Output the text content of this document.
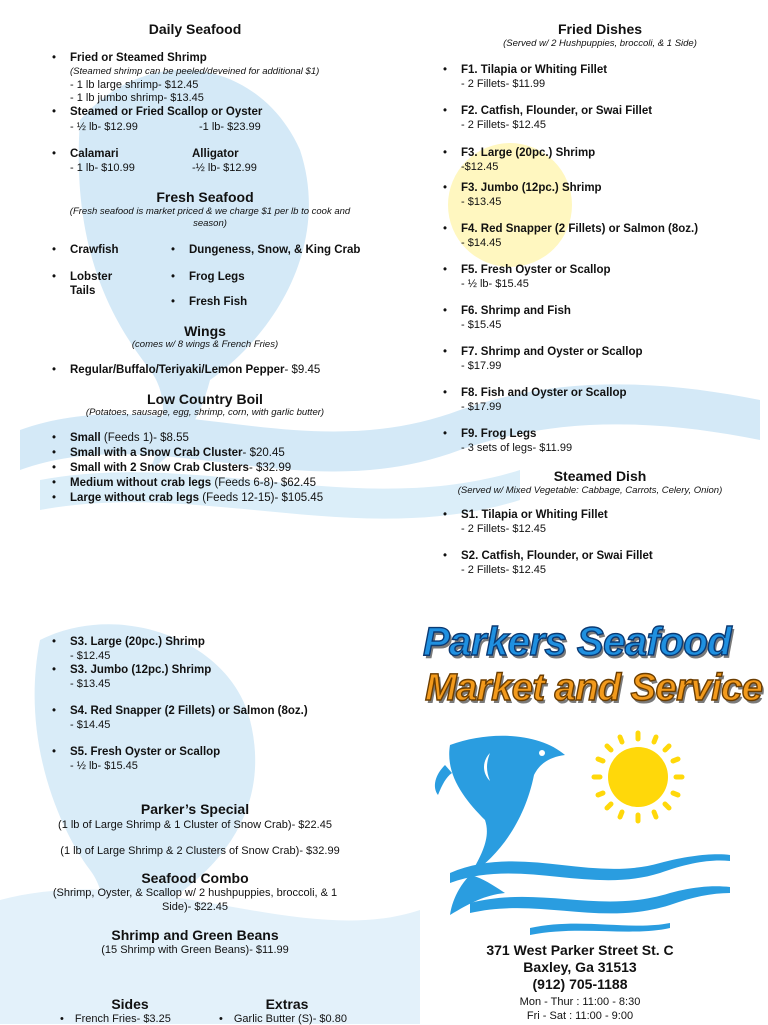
Daily Seafood
• Fried or Steamed Shrimp
(Steamed shrimp can be peeled/deveined for additional $1)
- 1 lb large shrimp- $12.45
- 1 lb jumbo shrimp- $13.45
• Steamed or Fried Scallop or Oyster
- ½ lb- $12.99	-1 lb- $23.99
• Calamari
- 1 lb- $10.99
Alligator
-½ lb- $12.99
Fresh Seafood
(Fresh seafood is market priced & we charge $1 per lb to cook and season)
• Crawfish
• Lobster Tails
• Dungeness, Snow, & King Crab
• Frog Legs
• Fresh Fish
Wings
(comes w/ 8 wings & French Fries)
• Regular/Buffalo/Teriyaki/Lemon Pepper- $9.45
Low Country Boil
(Potatoes, sausage, egg, shrimp, corn, with garlic butter)
• Small (Feeds 1)- $8.55
• Small with a Snow Crab Cluster- $20.45
• Small with 2 Snow Crab Clusters- $32.99
• Medium without crab legs (Feeds 6-8)- $62.45
• Large without crab legs (Feeds 12-15)- $105.45
Fried Dishes
(Served w/ 2 Hushpuppies, broccoli, & 1 Side)
• F1. Tilapia or Whiting Fillet
- 2 Fillets- $11.99
• F2. Catfish, Flounder, or Swai Fillet
- 2 Fillets- $12.45
• F3. Large (20pc.) Shrimp
-$12.45
• F3. Jumbo (12pc.) Shrimp
- $13.45
• F4. Red Snapper (2 Fillets) or Salmon (8oz.)
- $14.45
• F5. Fresh Oyster or Scallop
- ½ lb- $15.45
• F6. Shrimp and Fish
- $15.45
• F7. Shrimp and Oyster or Scallop
- $17.99
• F8. Fish and Oyster or Scallop
- $17.99
• F9. Frog Legs
- 3 sets of legs- $11.99
Steamed Dish
(Served w/ Mixed Vegetable: Cabbage, Carrots, Celery, Onion)
• S1. Tilapia or Whiting Fillet
- 2 Fillets- $12.45
• S2. Catfish, Flounder, or Swai Fillet
- 2 Fillets- $12.45
• S3. Large (20pc.) Shrimp
- $12.45
• S3. Jumbo (12pc.) Shrimp
- $13.45
• S4. Red Snapper (2 Fillets) or Salmon (8oz.)
- $14.45
• S5. Fresh Oyster or Scallop
- ½ lb- $15.45
Parker’s Special
(1 lb of Large Shrimp & 1 Cluster of Snow Crab)- $22.45
(1 lb of Large Shrimp & 2 Clusters of Snow Crab)- $32.99
Seafood Combo
(Shrimp, Oyster, & Scallop w/ 2 hushpuppies, broccoli, & 1 Side)- $22.45
Shrimp and Green Beans
(15 Shrimp with Green Beans)- $11.99
Sides
• French Fries- $3.25
Extras
• Garlic Butter (S)- $0.80
Parkers Seafood
Market and Service
371 West Parker Street St. C
Baxley, Ga 31513
(912) 705-1188
Mon - Thur : 11:00 - 8:30
Fri - Sat : 11:00 - 9:00
